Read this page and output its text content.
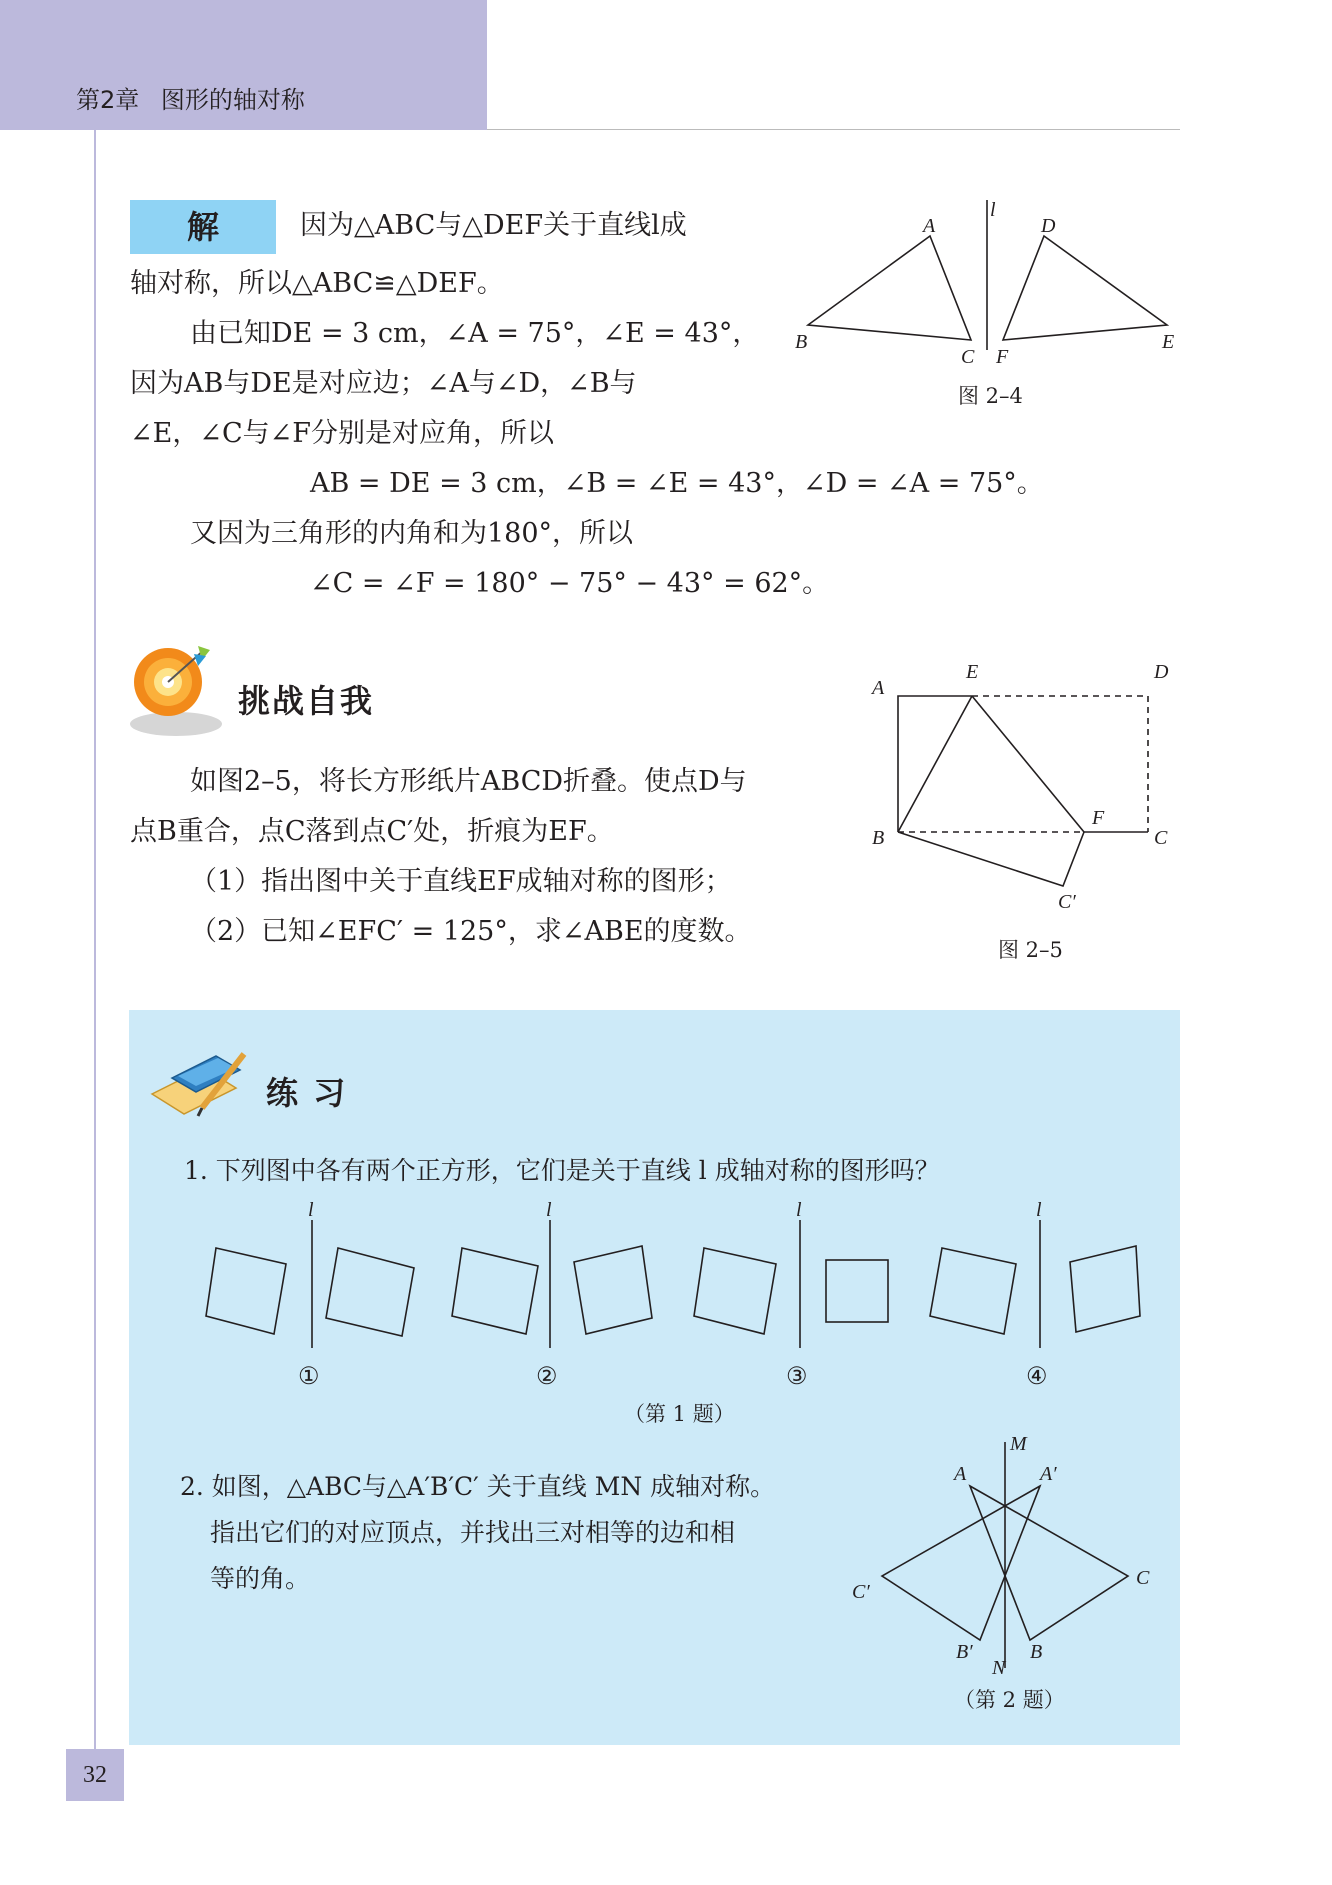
第2章 图形的轴对称
解	因为△ABC与△DEF关于直线l成
轴对称，所以△ABC≌△DEF。
由已知DE = 3 cm，∠A = 75°，∠E = 43°，
因为AB与DE是对应边；∠A与∠D，∠B与
∠E，∠C与∠F分别是对应角，所以
AB = DE = 3 cm，∠B = ∠E = 43°，∠D = ∠A = 75°。
又因为三角形的内角和为180°，所以
∠C = ∠F = 180° − 75° − 43° = 62°。
l
A
B
C
D
E
F
图 2–4
挑战自我
如图2–5，将长方形纸片ABCD折叠。使点D与
点B重合，点C落到点C′处，折痕为EF。
（1）指出图中关于直线EF成轴对称的图形；
（2）已知∠EFC′ = 125°，求∠ABE的度数。
A
E	D
B
F
C
C′
图 2–5
练 习
1. 下列图中各有两个正方形，它们是关于直线 l 成轴对称的图形吗？
l
①
l
②
l
③
l
④
（第 1 题）
2. 如图，△ABC与△A′B′C′ 关于直线 MN 成轴对称。
指出它们的对应顶点，并找出三对相等的边和相
等的角。
M
A	A′
C
C′
B′	B
N
（第 2 题）
32
